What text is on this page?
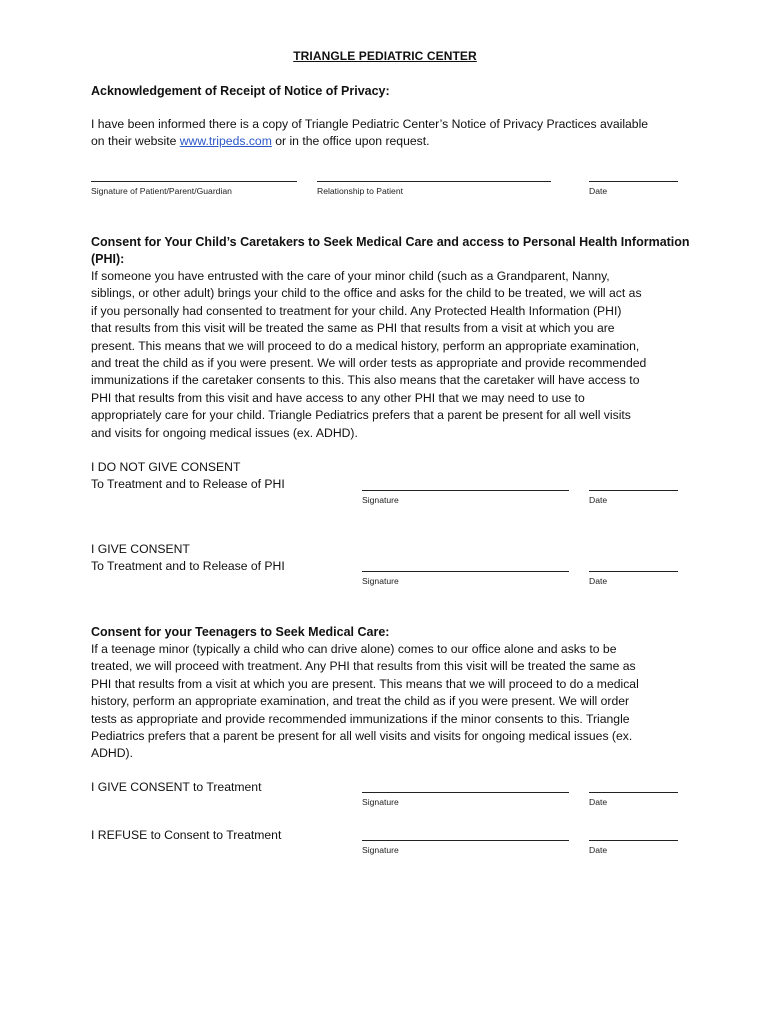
TRIANGLE PEDIATRIC CENTER
Acknowledgement of Receipt of Notice of Privacy:
I have been informed there is a copy of Triangle Pediatric Center’s Notice of Privacy Practices available
on their website www.tripeds.com or in the office upon request.
Signature of Patient/Parent/Guardian	Relationship to Patient	Date
Consent for Your Child’s Caretakers to Seek Medical Care and access to Personal Health Information
(PHI):
If someone you have entrusted with the care of your minor child (such as a Grandparent, Nanny,
siblings, or other adult) brings your child to the office and asks for the child to be treated, we will act as
if you personally had consented to treatment for your child. Any Protected Health Information (PHI)
that results from this visit will be treated the same as PHI that results from a visit at which you are
present. This means that we will proceed to do a medical history, perform an appropriate examination,
and treat the child as if you were present. We will order tests as appropriate and provide recommended
immunizations if the caretaker consents to this. This also means that the caretaker will have access to
PHI that results from this visit and have access to any other PHI that we may need to use to
appropriately care for your child. Triangle Pediatrics prefers that a parent be present for all well visits
and visits for ongoing medical issues (ex. ADHD).
I DO NOT GIVE CONSENT
To Treatment and to Release of PHI
Signature	Date
I GIVE CONSENT
To Treatment and to Release of PHI
Signature	Date
Consent for your Teenagers to Seek Medical Care:
If a teenage minor (typically a child who can drive alone) comes to our office alone and asks to be
treated, we will proceed with treatment. Any PHI that results from this visit will be treated the same as
PHI that results from a visit at which you are present. This means that we will proceed to do a medical
history, perform an appropriate examination, and treat the child as if you were present. We will order
tests as appropriate and provide recommended immunizations if the minor consents to this. Triangle
Pediatrics prefers that a parent be present for all well visits and visits for ongoing medical issues (ex.
ADHD).
I GIVE CONSENT to Treatment
Signature	Date
I REFUSE to Consent to Treatment
Signature	Date
